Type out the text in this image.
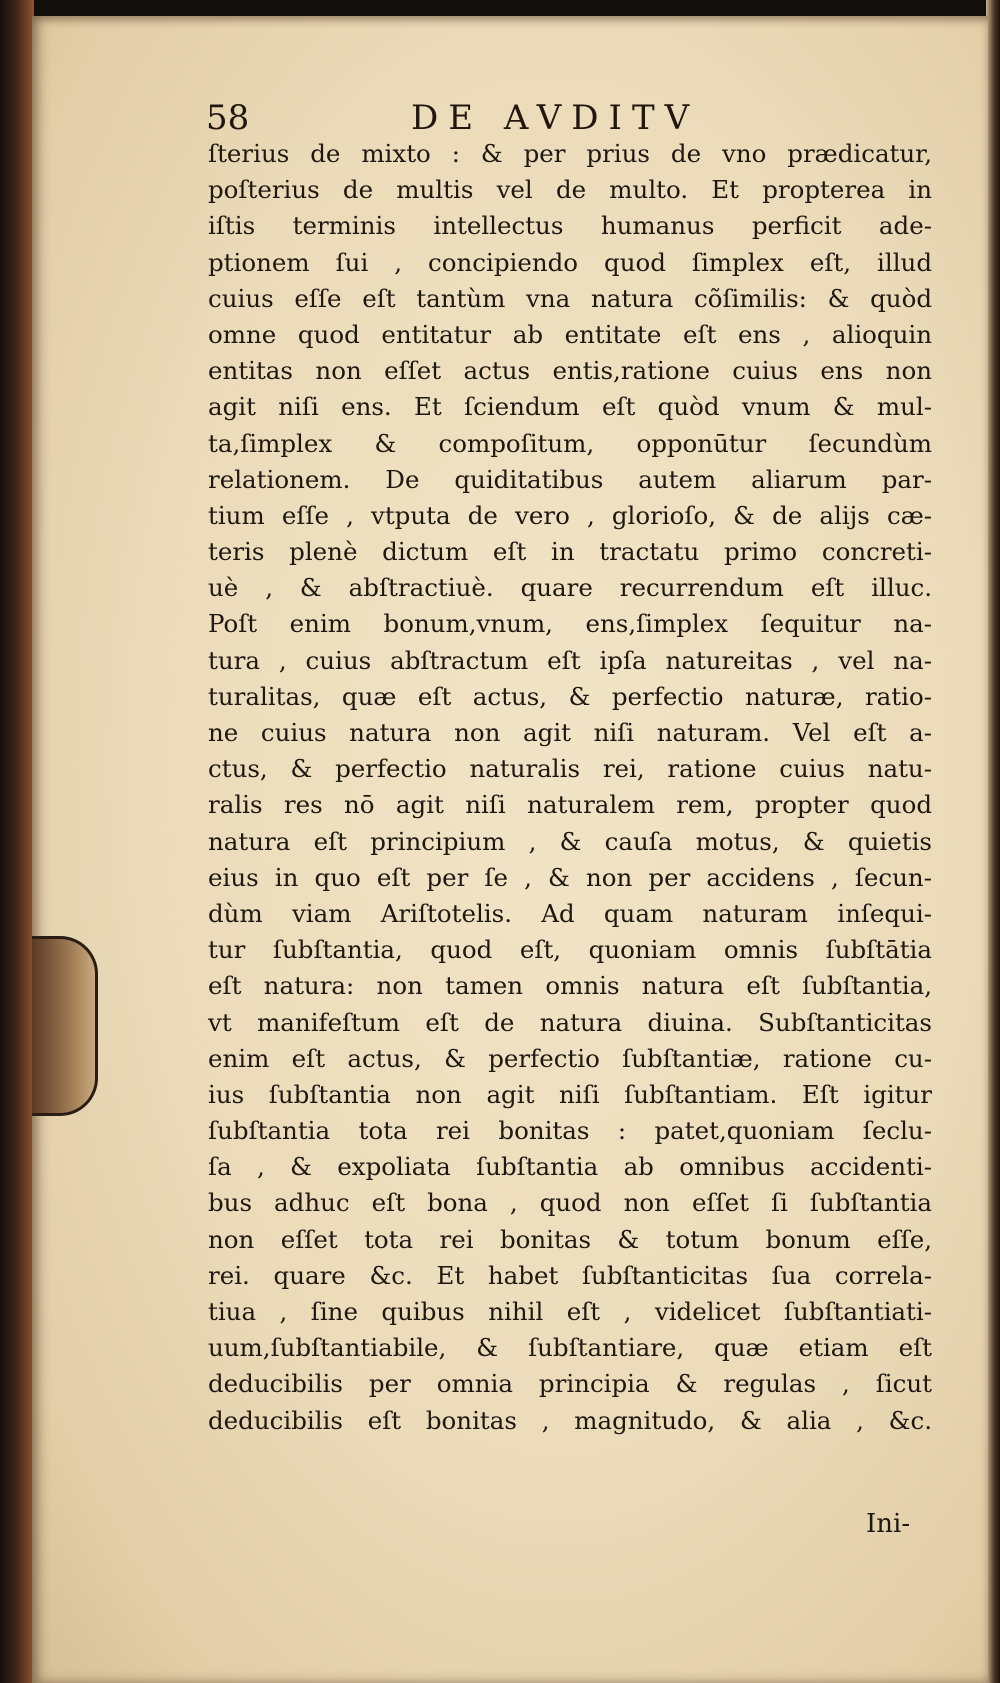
58	DE AVDITV
ſterius de mixto : & per prius de vno prædicatur,
poſterius de multis vel de multo. Et propterea in
iſtis terminis intellectus humanus perficit ade-
ptionem ſui , concipiendo quod ſimplex eſt, illud
cuius eſſe eſt tantùm vna natura cõſimilis: & quòd
omne quod entitatur ab entitate eſt ens , alioquin
entitas non eſſet actus entis,ratione cuius ens non
agit niſi ens. Et ſciendum eſt quòd vnum & mul-
ta,ſimplex & compoſitum, opponūtur ſecundùm
relationem. De quiditatibus autem aliarum par-
tium eſſe , vtputa de vero , glorioſo, & de alijs cæ-
teris plenè dictum eſt in tractatu primo concreti-
uè , & abſtractiuè. quare recurrendum eſt illuc.
Poſt enim bonum,vnum, ens,ſimplex ſequitur na-
tura , cuius abſtractum eſt ipſa natureitas , vel na-
turalitas, quæ eſt actus, & perfectio naturæ, ratio-
ne cuius natura non agit niſi naturam. Vel eſt a-
ctus, & perfectio naturalis rei, ratione cuius natu-
ralis res nō agit niſi naturalem rem, propter quod
natura eſt principium , & cauſa motus, & quietis
eius in quo eſt per ſe , & non per accidens , ſecun-
dùm viam Ariſtotelis. Ad quam naturam inſequi-
tur ſubſtantia, quod eſt, quoniam omnis ſubſtātia
eſt natura: non tamen omnis natura eſt ſubſtantia,
vt manifeſtum eſt de natura diuina. Subſtanticitas
enim eſt actus, & perfectio ſubſtantiæ, ratione cu-
ius ſubſtantia non agit niſi ſubſtantiam. Eſt igitur
ſubſtantia tota rei bonitas : patet,quoniam ſeclu-
ſa , & expoliata ſubſtantia ab omnibus accidenti-
bus adhuc eſt bona , quod non eſſet ſi ſubſtantia
non eſſet tota rei bonitas & totum bonum eſſe,
rei. quare &c. Et habet ſubſtanticitas ſua correla-
tiua , ſine quibus nihil eſt , videlicet ſubſtantiati-
uum,ſubſtantiabile, & ſubſtantiare, quæ etiam eſt
deducibilis per omnia principia & regulas , ſicut
deducibilis eſt bonitas , magnitudo, & alia , &c.
Ini-
